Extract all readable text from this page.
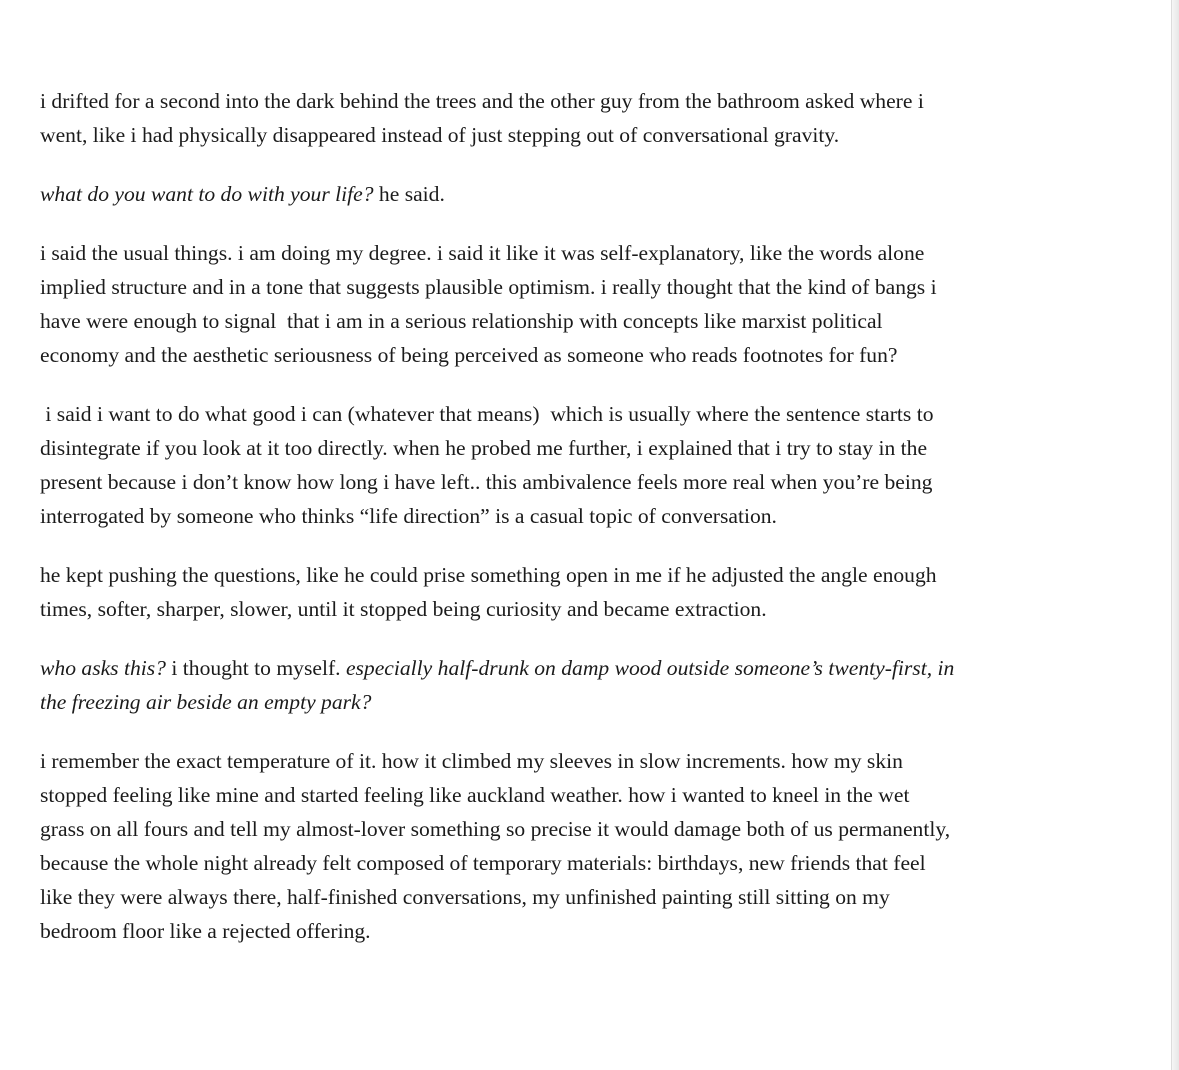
i drifted for a second into the dark behind the trees and the other guy from the bathroom asked where i
went, like i had physically disappeared instead of just stepping out of conversational gravity.

what do you want to do with your life? he said.

i said the usual things. i am doing my degree. i said it like it was self-explanatory, like the words alone
implied structure and in a tone that suggests plausible optimism. i really thought that the kind of bangs i
have were enough to signal  that i am in a serious relationship with concepts like marxist political
economy and the aesthetic seriousness of being perceived as someone who reads footnotes for fun?

i said i want to do what good i can (whatever that means)  which is usually where the sentence starts to
disintegrate if you look at it too directly. when he probed me further, i explained that i try to stay in the
present because i don’t know how long i have left.. this ambivalence feels more real when you’re being
interrogated by someone who thinks “life direction” is a casual topic of conversation.

he kept pushing the questions, like he could prise something open in me if he adjusted the angle enough
times, softer, sharper, slower, until it stopped being curiosity and became extraction.

who asks this? i thought to myself. especially half-drunk on damp wood outside someone’s twenty-first, in
the freezing air beside an empty park?

i remember the exact temperature of it. how it climbed my sleeves in slow increments. how my skin
stopped feeling like mine and started feeling like auckland weather. how i wanted to kneel in the wet
grass on all fours and tell my almost-lover something so precise it would damage both of us permanently,
because the whole night already felt composed of temporary materials: birthdays, new friends that feel
like they were always there, half-finished conversations, my unfinished painting still sitting on my
bedroom floor like a rejected offering.
